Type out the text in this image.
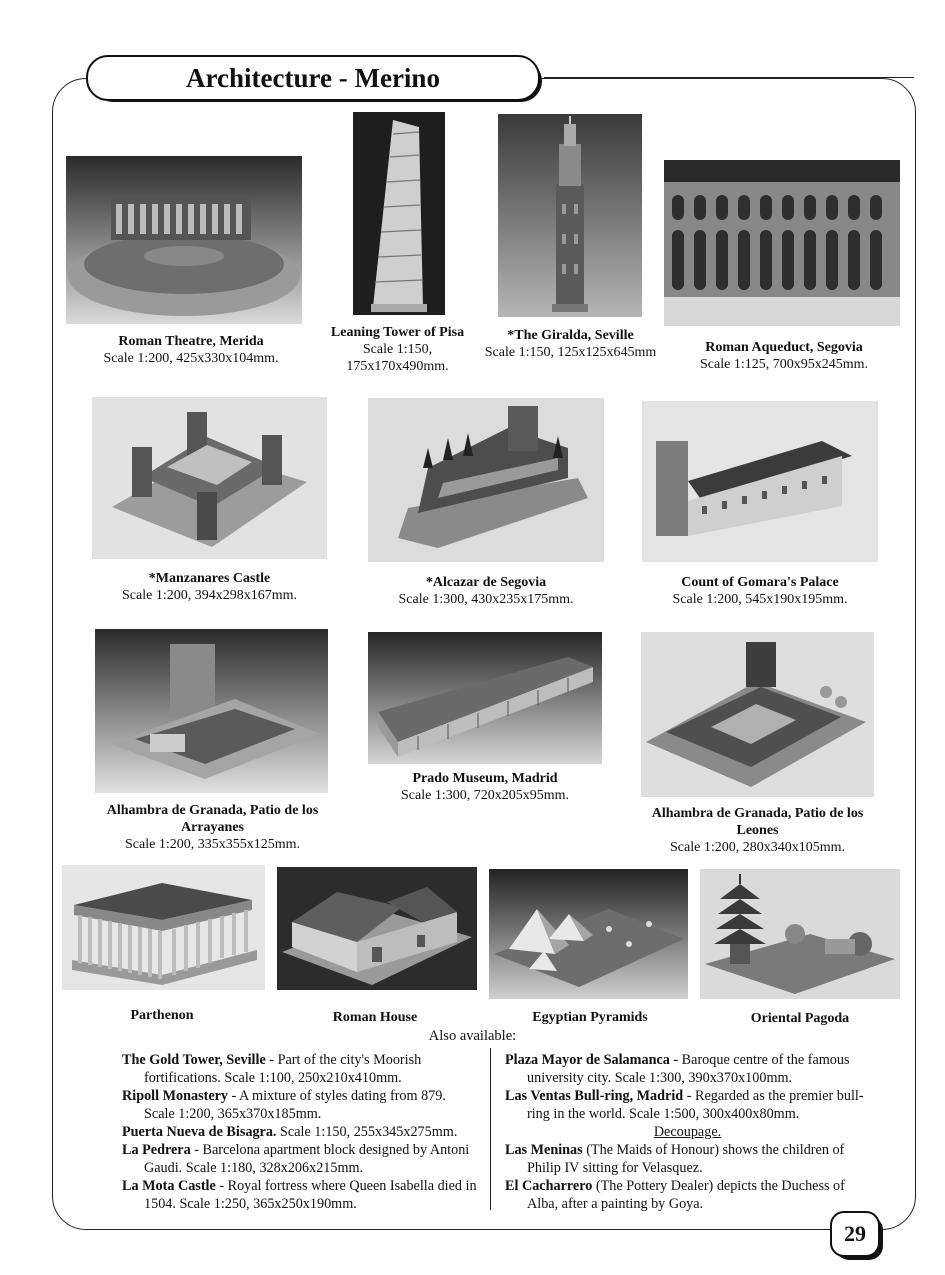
Architecture - Merino
Roman Theatre, Merida
Scale 1:200, 425x330x104mm.
Leaning Tower of Pisa
Scale 1:150,
175x170x490mm.
*The Giralda, Seville
Scale 1:150, 125x125x645mm	Roman Aqueduct, Segovia
Scale 1:125, 700x95x245mm.
*Manzanares Castle
Scale 1:200, 394x298x167mm.
*Alcazar de Segovia
Scale 1:300, 430x235x175mm.
Count of Gomara's Palace
Scale 1:200, 545x190x195mm.
Alhambra de Granada, Patio de los
Arrayanes
Scale 1:200, 335x355x125mm.
Prado Museum, Madrid
Scale 1:300, 720x205x95mm.
Alhambra de Granada, Patio de los
Leones
Scale 1:200, 280x340x105mm.
Parthenon	Roman House	Egyptian Pyramids	Oriental Pagoda
Also available:

The Gold Tower, Seville - Part of the city's Moorish fortifications. Scale 1:100, 250x210x410mm.

Ripoll Monastery - A mixture of styles dating from 879. Scale 1:200, 365x370x185mm.

Puerta Nueva de Bisagra. Scale 1:150, 255x345x275mm.

La Pedrera - Barcelona apartment block designed by Antoni Gaudi. Scale 1:180, 328x206x215mm.

La Mota Castle - Royal fortress where Queen Isabella died in 1504. Scale 1:250, 365x250x190mm.

Plaza Mayor de Salamanca - Baroque centre of the famous university city. Scale 1:300, 390x370x100mm.

Las Ventas Bull-ring, Madrid - Regarded as the premier bull-ring in the world. Scale 1:500, 300x400x80mm.

Decoupage.

Las Meninas (The Maids of Honour) shows the children of Philip IV sitting for Velasquez.

El Cacharrero (The Pottery Dealer) depicts the Duchess of Alba, after a painting by Goya.

29
